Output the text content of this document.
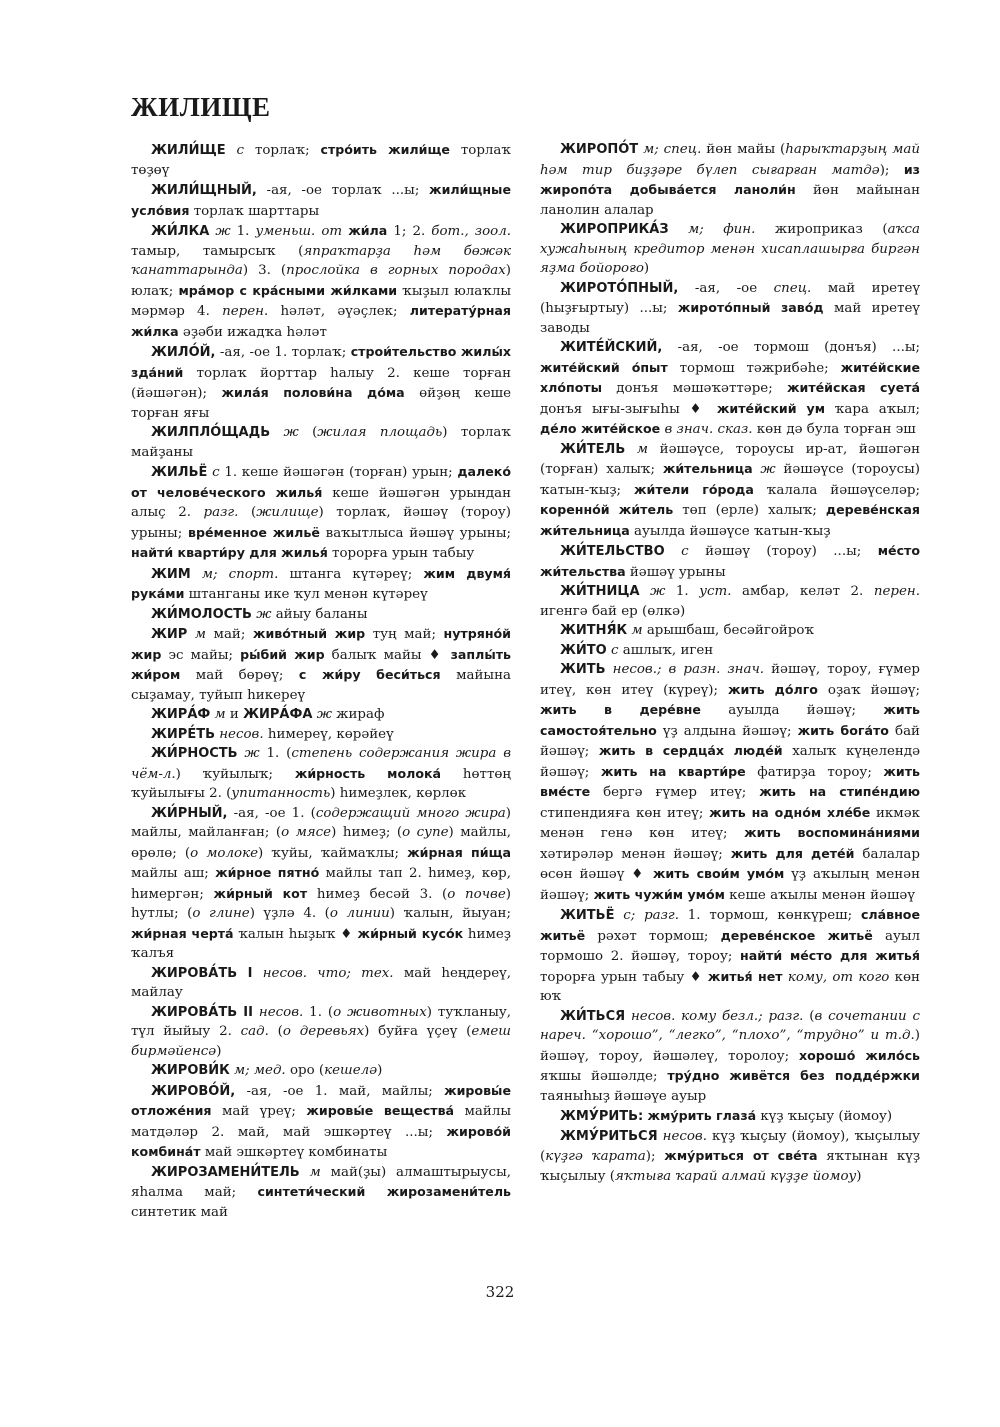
ЖИЛИЩЕ

ЖИЛИ́ЩЕ с торлаҡ; стро́ить жили́ще торлаҡ төҙөү

ЖИЛИ́ЩНЫЙ, -ая, -ое торлаҡ ...ы; жили́щные усло́вия торлаҡ шарттары

ЖИ́ЛКА ж 1. уменьш. от жи́ла 1; 2. бот., зоол. тамыр, тамырсыҡ (япраҡтарҙа һәм бөжәк ҡанаттарында) 3. (прослойка в горных породах) юлаҡ; мра́мор с кра́сными жи́лками ҡыҙыл юлаҡлы мәрмәр 4. перен. һәләт, әүәҫлек; литерату́рная жи́лка әҙәби ижадҡа һәләт

ЖИЛО́Й, -ая, -ое 1. торлаҡ; строи́тельство жилы́х зда́ний торлаҡ йорттар һалыу 2. кеше торған (йәшәгән); жила́я полови́на до́ма өйҙөң кеше торған яғы

ЖИЛПЛО́ЩАДЬ ж (жилая площадь) торлаҡ майҙаны

ЖИЛЬЁ с 1. кеше йәшәгән (торған) урын; далеко́ от челове́ческого жилья́ кеше йәшәгән урындан алыҫ 2. разг. (жилище) торлаҡ, йәшәү (тороу) урыны; вре́менное жильё ваҡытлыса йәшәү урыны; найти́ кварти́ру для жилья́ торорға урын табыу

ЖИМ м; спорт. штанга күтәреү; жим двумя́ рука́ми штанганы ике ҡул менән күтәреү

ЖИ́МОЛОСТЬ ж айыу баланы

ЖИР м май; живо́тный жир туң май; нутряно́й жир эс майы; ры́бий жир балыҡ майы ♦ заплы́ть жи́ром май бөрөү; с жи́ру беси́ться майына сыҙамау, туйып һикереү

ЖИРА́Ф м и ЖИРА́ФА ж жираф

ЖИРЕ́ТЬ несов. һимереү, көрәйеү

ЖИ́РНОСТЬ ж 1. (степень содержания жира в чём-л.) ҡуйылыҡ; жи́рность молока́ һөттөң ҡуйылығы 2. (упитанность) һимеҙлек, көрлөк

ЖИ́РНЫЙ, -ая, -ое 1. (содержащий много жира) майлы, майланған; (о мясе) һимеҙ; (о супе) майлы, өрөлө; (о молоке) ҡуйы, ҡаймаҡлы; жи́рная пи́ща майлы аш; жи́рное пятно́ майлы тап 2. һимеҙ, көр, һимергән; жи́рный кот һимеҙ бесәй 3. (о почве) һутлы; (о глине) үҙлә 4. (о линии) ҡалын, йыуан; жи́рная черта́ ҡалын һыҙыҡ ♦ жи́рный кусо́к һимеҙ ҡалъя

ЖИРОВА́ТЬ I несов. что; тех. май һеңдереү, майлау

ЖИРОВА́ТЬ II несов. 1. (о животных) туҡланыу, түл йыйыу 2. сад. (о деревьях) буйға үҫеү (емеш бирмәйенсә)

ЖИРОВИ́К м; мед. оро (кешелә)

ЖИРОВО́Й, -ая, -ое 1. май, майлы; жировы́е отложе́ния май үреү; жировы́е вещества́ майлы матдәләр 2. май, май эшкәртеү ...ы; жирово́й комбина́т май эшкәртеү комбинаты

ЖИРОЗАМЕНИ́ТЕЛЬ м май(ҙы) алмаштырыусы, яһалма май; синтети́ческий жирозамени́тель синтетик май

ЖИРОПО́Т м; спец. йөн майы (һарыҡтарҙың май һәм тир биҙҙәре бүлеп сығарған матдә); из жиропо́та добыва́ется ланоли́н йөн майынан ланолин алалар

ЖИРОПРИКА́З м; фин. жироприказ (аҡса хужаһының кредитор менән хисаплашырға биргән яҙма бойороғо)

ЖИРОТО́ПНЫЙ, -ая, -ое спец. май иретеү (һыҙғыртыу) ...ы; жирото́пный заво́д май иретеү заводы

ЖИТЕ́ЙСКИЙ, -ая, -ое тормош (донъя) ...ы; жите́йский о́пыт тормош тәжрибәһе; жите́йские хло́поты донъя мәшәҡәттәре; жите́йская суета́ донъя ығы-зығыһы ♦ жите́йский ум ҡара аҡыл; де́ло жите́йское в знач. сказ. көн дә була торған эш

ЖИ́ТЕЛЬ м йәшәүсе, тороусы ир-ат, йәшәгән (торған) халыҡ; жи́тельница ж йәшәүсе (тороусы) ҡатын-ҡыҙ; жи́тели го́рода ҡалала йәшәүселәр; коренно́й жи́тель төп (ерле) халыҡ; дереве́нская жи́тельница ауылда йәшәүсе ҡатын-ҡыҙ

ЖИ́ТЕЛЬСТВО с йәшәү (тороу) ...ы; ме́сто жи́тельства йәшәү урыны

ЖИ́ТНИЦА ж 1. уст. амбар, келәт 2. перен. игенгә бай ер (өлкә)

ЖИТНЯ́К м арышбаш, бесәйгойроҡ

ЖИ́ТО с ашлыҡ, иген

ЖИТЬ несов.; в разн. знач. йәшәү, тороу, ғүмер итеү, көн итеү (күреү); жить до́лго оҙаҡ йәшәү; жить в дере́вне ауылда йәшәү; жить самостоя́тельно үҙ алдына йәшәү; жить бога́то бай йәшәү; жить в сердца́х люде́й халыҡ күңелендә йәшәү; жить на кварти́ре фатирҙа тороу; жить вме́сте бергә ғүмер итеү; жить на стипе́ндию стипендияға көн итеү; жить на одно́м хле́бе икмәк менән генә көн итеү; жить воспомина́ниями хәтирәләр менән йәшәү; жить для дете́й балалар өсөн йәшәү ♦ жить свои́м умо́м үҙ аҡылың менән йәшәү; жить чужи́м умо́м кеше аҡылы менән йәшәү

ЖИТЬЁ с; разг. 1. тормош, көнкүреш; сла́вное житьё рәхәт тормош; дереве́нское житьё ауыл тормошо 2. йәшәү, тороу; найти́ ме́сто для житья́ торорға урын табыу ♦ житья́ нет кому, от кого көн юҡ

ЖИ́ТЬСЯ несов. кому безл.; разг. (в сочетании с нареч. “хорошо”, “легко”, “плохо”, “трудно” и т.д.) йәшәү, тороу, йәшәлеү, торолоу; хорошо́ жило́сь яҡшы йәшәлде; тру́дно живётся без подде́ржки таяныһыҙ йәшәүе ауыр

ЖМУ́РИТЬ: жму́рить глаза́ күҙ ҡыҫыу (йомоу)

ЖМУ́РИТЬСЯ несов. күҙ ҡыҫыу (йомоу), ҡыҫылыу (күҙгә ҡарата); жму́риться от све́та яҡтынан күҙ ҡыҫылыу (яҡтыға ҡарай алмай күҙҙе йомоу)

322
